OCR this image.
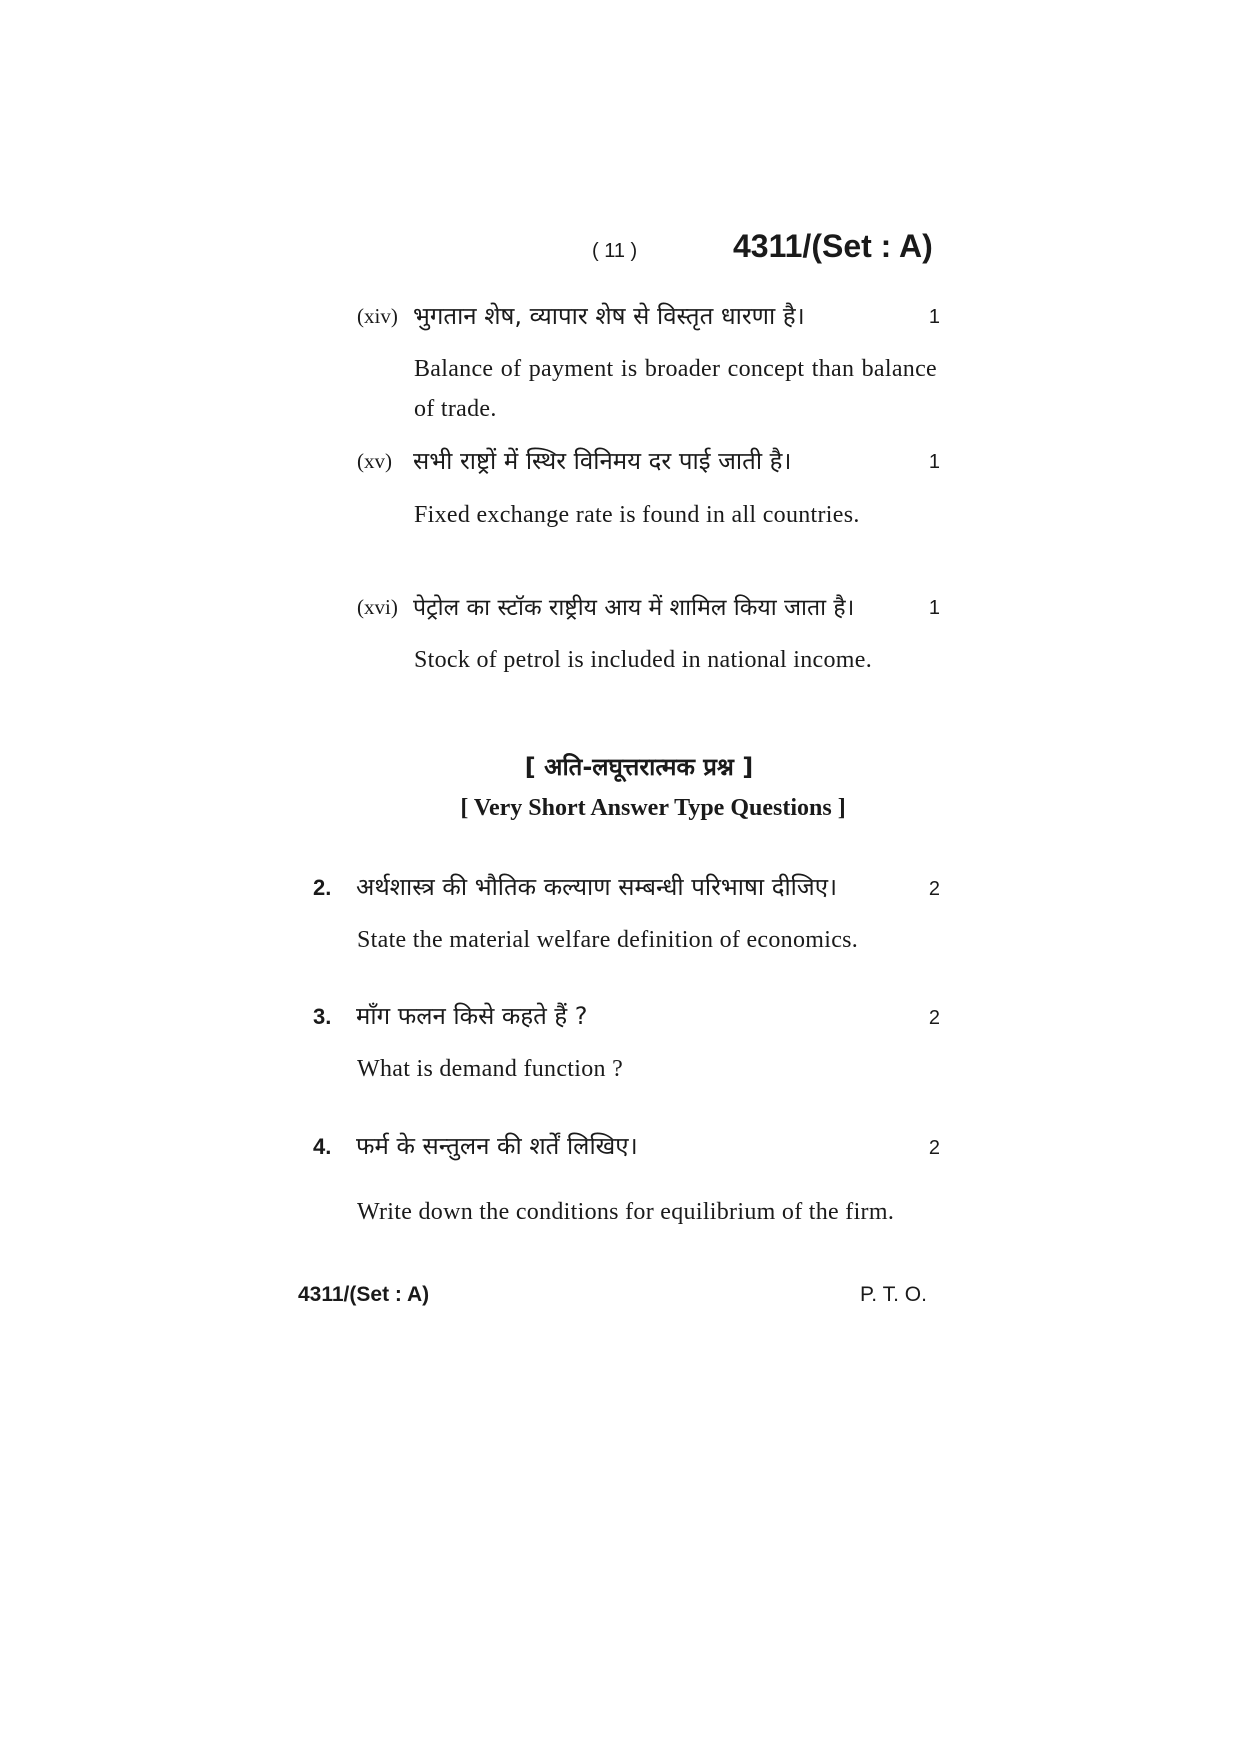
( 11 )	4311/(Set : A)
(xiv) भुगतान शेष, व्यापार शेष से विस्तृत धारणा है।	1
Balance of payment is broader concept than balance of trade.
(xv) सभी राष्ट्रों में स्थिर विनिमय दर पाई जाती है।	1
Fixed exchange rate is found in all countries.
(xvi) पेट्रोल का स्टॉक राष्ट्रीय आय में शामिल किया जाता है।	1
Stock of petrol is included in national income.
[ अति-लघूत्तरात्मक प्रश्न ]
[ Very Short Answer Type Questions ]
2. अर्थशास्त्र की भौतिक कल्याण सम्बन्धी परिभाषा दीजिए।	2
State the material welfare definition of economics.
3. माँग फलन किसे कहते हैं ?	2
What is demand function ?
4. फर्म के सन्तुलन की शर्तें लिखिए।	2
Write down the conditions for equilibrium of the firm.
4311/(Set : A)	P. T. O.
